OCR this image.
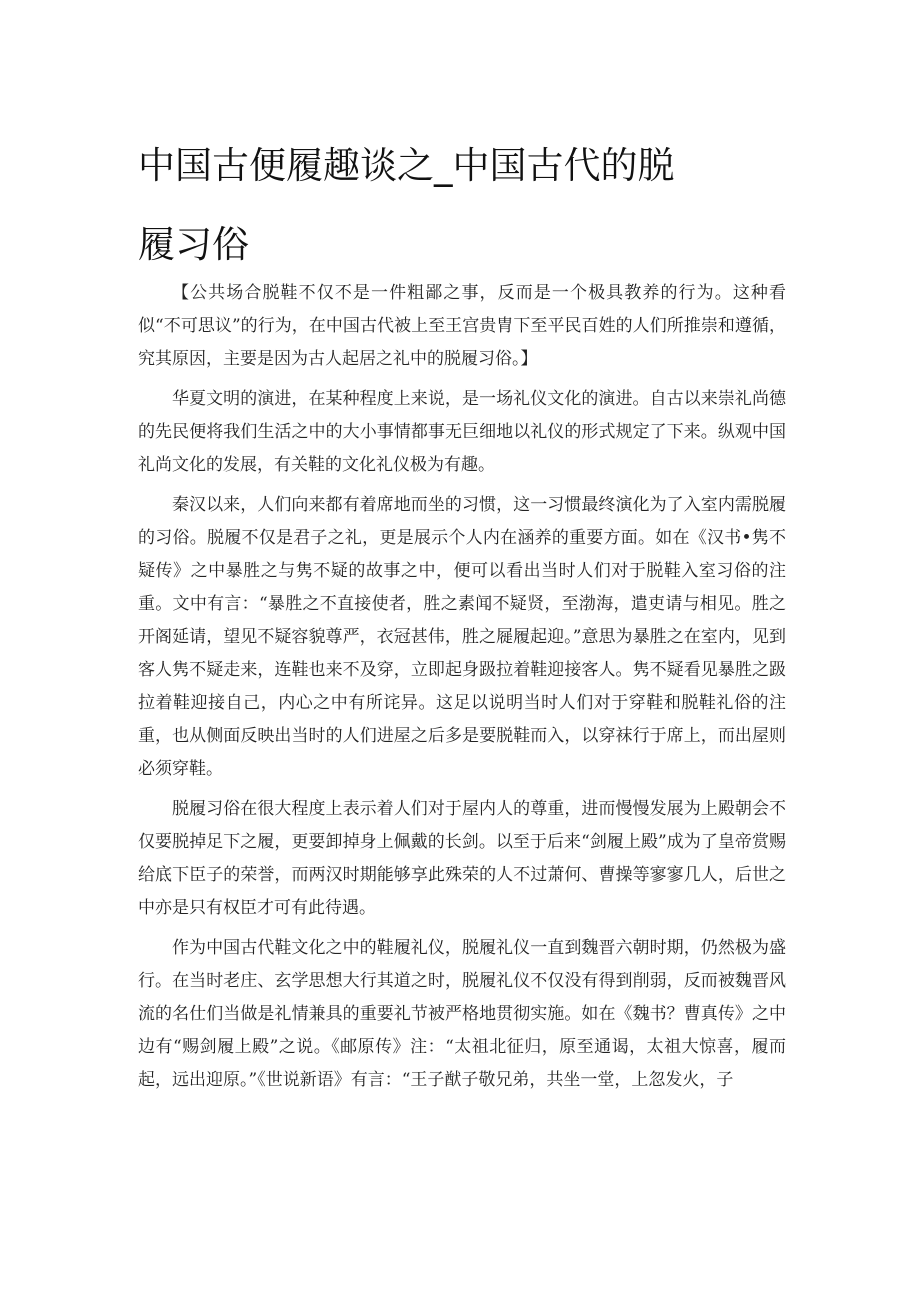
中国古便履趣谈之_中国古代的脱履习俗

【公共场合脱鞋不仅不是一件粗鄙之事，反而是一个极具教养的行为。这种看似“不可思议”的行为，在中国古代被上至王宫贵胄下至平民百姓的人们所推崇和遵循，究其原因，主要是因为古人起居之礼中的脱履习俗。】

华夏文明的演进，在某种程度上来说，是一场礼仪文化的演进。自古以来崇礼尚德的先民便将我们生活之中的大小事情都事无巨细地以礼仪的形式规定了下来。纵观中国礼尚文化的发展，有关鞋的文化礼仪极为有趣。

秦汉以来，人们向来都有着席地而坐的习惯，这一习惯最终演化为了入室内需脱履的习俗。脱履不仅是君子之礼，更是展示个人内在涵养的重要方面。如在《汉书•隽不疑传》之中暴胜之与隽不疑的故事之中，便可以看出当时人们对于脱鞋入室习俗的注重。文中有言：“暴胜之不直接使者，胜之素闻不疑贤，至渤海，遣吏请与相见。胜之开阁延请，望见不疑容貌尊严，衣冠甚伟，胜之屣履起迎。”意思为暴胜之在室内，见到客人隽不疑走来，连鞋也来不及穿，立即起身趿拉着鞋迎接客人。隽不疑看见暴胜之趿拉着鞋迎接自己，内心之中有所诧异。这足以说明当时人们对于穿鞋和脱鞋礼俗的注重，也从侧面反映出当时的人们进屋之后多是要脱鞋而入，以穿袜行于席上，而出屋则必须穿鞋。

脱履习俗在很大程度上表示着人们对于屋内人的尊重，进而慢慢发展为上殿朝会不仅要脱掉足下之履，更要卸掉身上佩戴的长剑。以至于后来“剑履上殿”成为了皇帝赏赐给底下臣子的荣誉，而两汉时期能够享此殊荣的人不过萧何、曹操等寥寥几人，后世之中亦是只有权臣才可有此待遇。

作为中国古代鞋文化之中的鞋履礼仪，脱履礼仪一直到魏晋六朝时期，仍然极为盛行。在当时老庄、玄学思想大行其道之时，脱履礼仪不仅没有得到削弱，反而被魏晋风流的名仕们当做是礼情兼具的重要礼节被严格地贯彻实施。如在《魏书？曹真传》之中边有“赐剑履上殿”之说。《邮原传》注：“太祖北征归，原至通谒，太祖大惊喜，履而起，远出迎原。”《世说新语》有言：“王子猷子敬兄弟，共坐一堂，上忽发火，子
